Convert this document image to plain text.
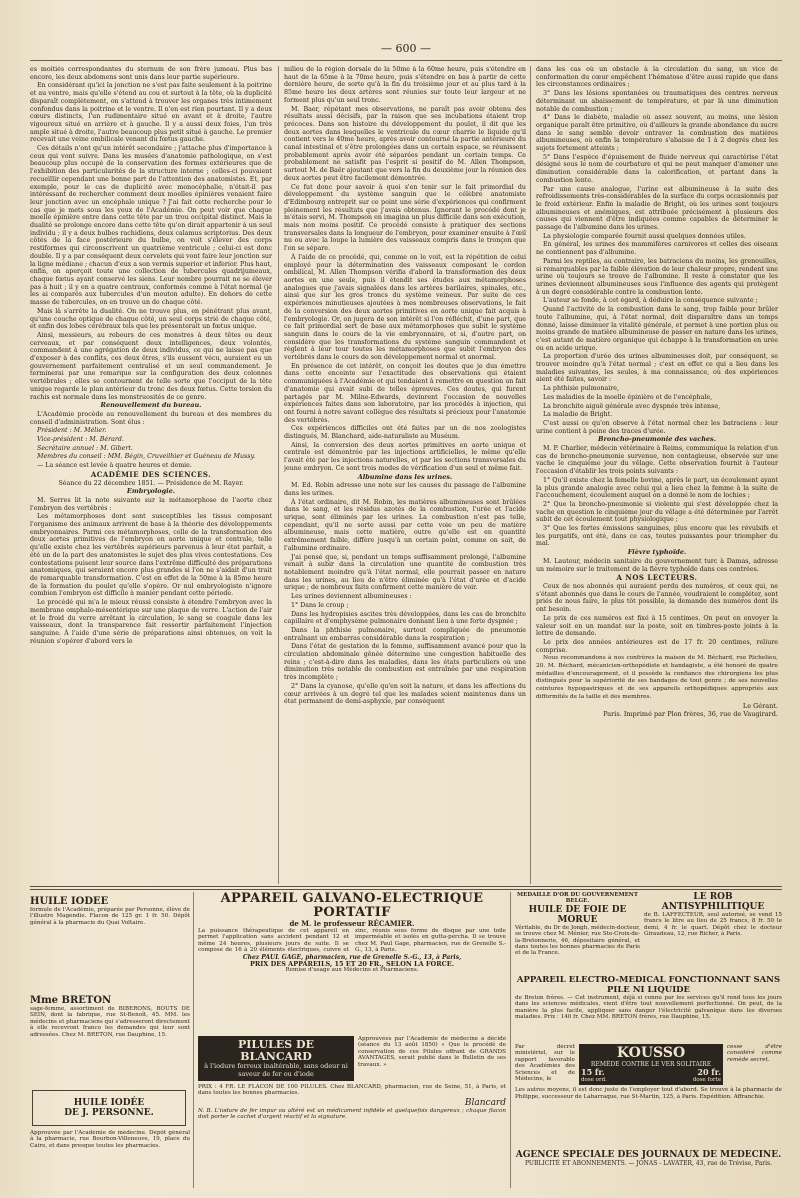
— 600 —

es moitiés correspondantes du sternum de son frère jumeau. Plus bas encore, les deux abdomens sont unis dans leur partie supérieure.

En considérant qu'ici la jonction ne s'est pas faite seulement à la poitrine et au ventre, mais qu'elle s'étend au cou et surtout à la tête, où la duplicité disparaît complètement, on s'attend à trouver les organes très intimement confondus dans la poitrine et le ventre. Il n'en est rien pourtant. Il y a deux cœurs distincts, l'un rudimentaire situé en avant et à droite, l'autre vigoureux situé en arrière et à gauche. Il y a aussi deux foies, l'un très ample situé à droite, l'autre beaucoup plus petit situé à gauche. Le premier recevait une veine ombilicale venant du fœtus gauche.

Ces détails n'ont qu'un intérêt secondaire ; j'attache plus d'importance à ceux qui vont suivre. Dans les musées d'anatomie pathologique, on s'est beaucoup plus occupé de la conservation des formes extérieures que de l'exhibition des particularités de la structure interne ; celles-ci pouvaient recueillir cependant une bonne part de l'attention des anatomistes. Et, par exemple, pour le cas de duplicité avec monocéphalie, n'était-il pas intéressant de rechercher comment deux moelles épinières venaient faire leur jonction avec un encéphale unique ? J'ai fait cette recherche pour le cas que je mets sous les yeux de l'Académie. On peut voir que chaque moelle épinière entre dans cette tête par un trou occipital distinct. Mais la dualité se prolonge encore dans cette tête qu'on dirait appartenir à un seul individu ; il y a deux bulbes rachidiens, deux calamus scriptorius. Des deux côtés de la face postérieure du bulbe, on voit s'élever des corps restiformes qui circonscrivent un quatrième ventricule ; celui-ci est donc double. Il y a par conséquent deux cervelets qui vont faire leur jonction sur la ligne médiane ; chacun d'eux a son vermis superior et inferior. Plus haut, enfin, on aperçoit toute une collection de tubercules quadrijumeaux, chaque fœtus ayant conservé les siens. Leur nombre pourrait ne se élever pas à huit ; il y en a quatre centraux, conformés comme à l'état normal (je les ai comparés aux tubercules d'un mouton adulte). En dehors de cette masse de tubercules, on en trouve un de chaque côté.

Mais là s'arrête la dualité. On ne trouve plus, en pénétrant plus avant, qu'une couche optique de chaque côté, un seul corps strié de chaque côté, et enfin des lobes cérébraux tels que les présenterait un fœtus unique.

Ainsi, messieurs, au rebours de ces monstres à deux têtes ou deux cerveaux, et par conséquent deux intelligences, deux volontés, commandent à une agrégation de deux individus, ce qui ne laisse pas que d'exposer à des conflits, ces deux êtres, s'ils eussent vécu, auraient eu un gouvernement parfaitement centralisé et un seul commandement. Je terminerai par une remarque sur la configuration des deux colonnes vertébrales ; elles se contournent de telle sorte que l'occiput de la tête unique regarde le plan antérieur du tronc des deux fœtus. Cette torsion du rachis est normale dans les monstruosités de ce genre.

Renouvellement du bureau.

L'Académie procède au renouvellement du bureau et des membres du conseil d'administration. Sont élus :

Président : M. Mélier.

Vice-président : M. Bérard.

Secrétaire annuel : M. Gibert.

Membres du conseil : MM. Bégin, Cruveilhier et Guéneau de Mussy.

— La séance est levée à quatre heures et demie.

ACADÉMIE DES SCIENCES.

Séance du 22 décembre 1851. — Présidence de M. Rayer.

Embryologie.

M. Serres lit la note suivante sur la métamorphose de l'aorte chez l'embryon des vertébrés :

Les métamorphoses dont sont susceptibles les tissus composant l'organisme des animaux arrivent de base à la théorie des développements embryonnaires. Parmi ces métamorphoses, celle de la transformation des deux aortes primitives de l'embryon en aorte unique et centrale, telle qu'elle existe chez les vertébrés supérieurs parvenus à leur état parfait, a été un de la part des anatomistes le sujet des plus vives contestations. Ces contestations puisent leur source dans l'extrême difficulté des préparations anatomiques, qui seraient encore plus grandes si l'on ne s'aidait d'un trait de remarquable transformation. C'est en effet de la 50me à la 85me heure de la formation du poulet qu'elle s'opère. Or nul embryologiste n'ignore combien l'embryon est difficile à manier pendant cette période.

Le procédé qui m'a le mieux réussi consiste à étendre l'embryon avec la membrane omphalo-mésentérique sur une plaque de verre. L'action de l'air et le froid du verre arrêtant la circulation, le sang se coagule dans les vaisseaux, dont la transparence fait ressortir parfaitement l'injection sanguine. À l'aide d'une série de préparations ainsi obtenues, on voit la réunion s'opérer d'abord vers le

milieu de la région dorsale de la 50me à la 60me heure, puis s'étendre en haut de la 65me à la 70me heure, puis s'étendre en bas à partir de cette dernière heure, de sorte qu'à la fin du troisième jour et au plus tard à la 85me heure les deux artères sont réunies sur toute leur largeur et ne forment plus qu'un seul tronc.

M. Baer, répétant mes observations, ne paraît pas avoir obtenu des résultats aussi décisifs, par la raison que ses incubations étaient trop précoces. Dans son histoire du développement du poulet, il dit que les deux aortes dans lesquelles le ventricule du cœur charrie le liquide qu'il contient vers le 40me heure, après avoir contourné la partie antérieure du canal intestinal et s'être prolongées dans un certain espace, se réunissent probablement après avoir été séparées pendant un certain temps. Ce probablement ne satisfit pas l'esprit si positif de M. Allen Thompson, surtout M. de Baër ajoutant que vers la fin du deuxième jour la réunion des deux aortes peut être facilement démontrée.

Ce fut donc pour savoir à quoi s'en tenir sur le fait primordial du développement du système sanguin que le célèbre anatomiste d'Edimbourg entreprit sur ce point une série d'expériences qui confirment pleinement les résultats que j'avais obtenus. Ignorant le procédé dont je m'étais servi, M. Thompson en imagina un plus difficile dans son exécution, mais non moins positif. Ce procédé consiste à pratiquer des sections transversales dans la longueur de l'embryon, pour examiner ensuite à l'œil nu ou avec la loupe la lumière des vaisseaux compris dans le tronçon que l'on se sépare.

À l'aide de ce procédé, qui, comme on le voit, est la répétition de celui employé pour la détermination des vaisseaux composant le cordon ombilical, M. Allen Thompson vérifia d'abord la transformation des deux aortes en une seule, puis il étendit ses études aux métamorphoses analogues que j'avais signalées dans les artères barilaires, spinales, etc., ainsi que sur les gros troncs du système veineux. Par suite de ces expériences minutieuses ajoutées à mes nombreuses observations, le fait de la conversion des deux aortes primitives en aorte unique fait acquis à l'embryologie. Or, on jugera de son intérêt si l'on réfléchit, d'une part, que ce fait primordial sert de base aux métamorphoses que subit le système sanguin dans le cours de la vie embryonnaire, et si, d'autre part, on considère que les transformations du système sanguin commandent et règlent à leur tour toutes les métamorphoses que subit l'embryon des vertébrés dans le cours de son développement normal et anormal.

En présence de cet intérêt, on conçoit les doutes que je dus émettre dans cette enceinte sur l'exactitude des observations qui étaient communiquées à l'Académie et qui tendaient à remettre en question un fait d'anatomie qui avait subi de telles épreuves. Ces doutes, qui furent partagés par M. Milne-Edwards, devinrent l'occasion de nouvelles expériences faites dans son laboratoire, par les procédés à injection, qui ont fourni à notre savant collègue des résultats si précieux pour l'anatomie des vertébrés.

Ces expériences difficiles ont été faites par un de nos zoologistes distingués, M. Blanchard, aide-naturaliste au Muséum.

Ainsi, la conversion des deux aortes primitives en aorte unique et centrale est démontrée par les injections artificielles, le même qu'elle l'avait été par les injections naturelles, et par les sections transversales du jeune embryon. Ce sont trois modes de vérification d'un seul et même fait.

Albumine dans les urines.

M. Ed. Robin adresse une note sur les causes du passage de l'albumine dans les urines.

À l'état ordinaire, dit M. Robin, les matières albumineuses sont brûlées dans le sang, et les résidus azotés de la combustion, l'urée et l'acide urique, sont éliminés par les urines. La combustion n'est pas telle, cependant, qu'il ne sorte aussi par cette voie un peu de matière albumineuse, mais cette matière, outre qu'elle est en quantité extrêmement faible, diffère jusqu'à un certain point, comme on sait, de l'albumine ordinaire.

J'ai pensé que, si, pendant un temps suffisamment prolongé, l'albumine venait à subir dans la circulation une quantité de combustion très notablement moindre qu'à l'état normal, elle pourrait passer en nature dans les urines, au lieu de n'être éliminée qu'à l'état d'urée et d'acide urique ; de nombreux faits confirment cette manière de voir.

Les urines deviennent albumineuses :

1° Dans le croup ;

Dans les hydropisies ascites très développées, dans les cas de bronchite capillaire et d'emphysème pulmonaire donnant lieu à une forte dyspnée ;

Dans la phthisie pulmonaire, surtout compliquée de pneumonie entraînant un embarras considérable dans la respiration ;

Dans l'état de gestation de la femme, suffisamment avancé pour que la circulation abdominale gênée détermine une congestion habituelle des reins ; c'est-à-dire dans les maladies, dans les états particuliers où une diminution très notable de combustion est entraînée par une respiration très incomplète ;

2° Dans la cyanose, qu'elle qu'en soit la nature, et dans les affections du cœur arrivées à un degré tel que les malades soient maintenus dans un état permanent de demi-asphyxie, par conséquent

dans les cas où un obstacle à la circulation du sang, un vice de conformation du cœur empêchent l'hématose d'être aussi rapide que dans les circonstances ordinaires ;

3° Dans les lésions spontanées ou traumatiques des centres nerveux déterminant un abaissement de température, et par là une diminution notable de combustion ;

4° Dans le diabète, maladie où assez souvent, au moins, une lésion organique paraît être primitive, où d'ailleurs la grande abondance du sucre dans le sang semble devoir entraver la combustion des matières albumineuses, où enfin la température s'abaisse de 1 à 2 degrés chez les sujets fortement atteints ;

5° Dans l'espèce d'épuisement de fluide nerveux qui caractérise l'état désigné sous le nom de courbature et qui ne peut manquer d'amener une diminution considérable dans la calorification, et partant dans la combustion lente.

Par une cause analogue, l'urine est albumineuse à la suite des refroidissements très-considérables de la surface du corps occasionnés par le froid extérieur. Enfin la maladie de Bright, où les urines sont toujours albumineuses et anémiques, est attribuée précisément à plusieurs des causes qui viennent d'être indiquées comme capables de déterminer le passage de l'albumine dans les urines.

La physiologie comparée fournit aussi quelques données utiles.

En général, les urines des mammifères carnivores et celles des oiseaux ne contiennent pas d'albumine.

Parmi les reptiles, au contraire, les batraciens du moins, les grenouilles, si remarquables par la faible élévation de leur chaleur propre, rendent une urine où toujours se trouve de l'albumine. Il reste à constater que les urines deviennent albumineuses sous l'influence des agents qui protègent à un degré considérable contre la combustion lente.

L'auteur se fonde, à cet égard, à déduire la conséquence suivante ;

Quand l'activité de la combustion dans le sang, trop faible pour brûler toute l'albumine, qui, à l'état normal, doit disparaître dans un temps donné, laisse diminuer la vitalité générale, et permet à une portion plus ou moins grande de matière albumineuse de passer en nature dans les urines, c'est autant de matière organique qui échappe à la transformation en urée ou en acide urique.

La proportion d'urée des urines albumineuses doit, par conséquent, se trouver moindre qu'à l'état normal ; c'est en effet ce qui a lieu dans les maladies suivantes, les seules, à ma connaissance, où des expériences aient été faites, savoir :

La phthisie pulmonaire,

Les maladies de la moelle épinière et de l'encéphale,

La bronchite aiguë générale avec dyspnée très intense,

La maladie de Bright.

C'est aussi ce qu'on observe à l'état normal chez les batraciens : leur urine contient à peine des traces d'urée.

Broncho-pneumonie des vaches.

M. P. Charlier, médecin vétérinaire à Reims, communique la relation d'un cas de broncho-pneumonie survenue, non contagieuse, observée sur une vache le cinquième jour du vêlage. Cette observation fournit à l'auteur l'occasion d'établir les trois points suivants :

1° Qu'il existe chez la femelle bovine, après le part, un écoulement ayant la plus grande analogie avec celui qui a lieu chez la femme à la suite de l'accouchement, écoulement auquel on a donné le nom de lochies ;

2° Que la broncho-pneumonie si violente qui s'est développée chez la vache en question le cinquième jour du vêlage a été déterminée par l'arrêt subit de cet écoulement tout physiologique ;

3° Que les fortes émissions sanguines, plus encore que les révulsifs et les purgatifs, ont été, dans ce cas, toutes puissantes pour triompher du mal.

Fièvre typhoïde.

M. Lautour, médecin sanitaire du gouvernement turc à Damas, adresse un mémoire sur le traitement de la fièvre typhoïde dans ces contrées.

A NOS LECTEURS.

Ceux de nos abonnés qui auraient perdu des numéros, et ceux qui, ne s'étant abonnés que dans le cours de l'année, voudraient le compléter, sont priés de nous faire, le plus tôt possible, la demande des numéros dont ils ont besoin.

Le prix de ces numéros est fixé à 15 centimes. On peut en envoyer la valeur soit en un mandat sur la poste, soit en timbres-poste joints à la lettre de demande.

Le prix des années antérieures est de 17 fr. 20 centimes, reliure comprise.

Nous recommandons à nos confrères la maison de M. Béchard, rue Richelieu, 20. M. Béchard, mécanicien-orthopédiste et bandagiste, a été honoré de quatre médailles d'encouragement, et il possède la confiance des chirurgiens les plus distingués pour la supériorité de ses bandages de tout genre ; de ses nouvelles ceintures hypogastriques et de ses appareils orthopédiques appropriés aux difformités de la taille et des membres.

Le Gérant.

Paris. Imprimé par Plon frères, 36, rue de Vaugirard.

HUILE IODÉE

formule de l'Académie, préparée par Personne, élève de l'illustre Magendie. Flacon de 125 gr. 1 fr. 50. Dépôt général à la pharmacie du Quai Voltaire.

Mme BRETON

sage-femme, assortiment de BIBERONS, BOUTS DE SEIN, dont la fabrique, rue St-Benoît, 45. MM. les médecins et pharmaciens qui s'adresseront directement à elle recevront franco les demandes qui leur sont adressées. Chez M. BRETON, rue Dauphine, 15.

HUILE IODÉE
DE J. PERSONNE.

Approuvée par l'Académie de médecine. Dépôt général à la pharmacie, rue Bourbon-Villeneuve, 19, place du Caire, et dans presque toutes les pharmacies.

APPAREIL GALVANO-ÉLECTRIQUE PORTATIF
de M. le professeur RÉCAMIER.

La puissance thérapeutique de cet appareil en permet l'application sans accident pendant 12 et même 24 heures, plusieurs jours de suite. Il se compose de 16 à 20 éléments électriques, cuivre et zinc, réunis sous forme de disque par une toile imperméable et isolés en gutta-percha. Il se trouve chez M. Paul Gage, pharmacien, rue de Grenelle S.-G., 13, à Paris.

Chez PAUL GAGE, pharmacien, rue de Grenelle S.-G., 13, à Paris,
PRIX DES APPAREILS, 15 ET 20 FR., SELON LA FORCE.
Remise d'usage aux Médecins et Pharmaciens.
PILULES DE BLANCARD
à l'iodure ferreux inaltérable, sans odeur ni saveur de fer ou d'iode

Approuvées par l'Académie de médecine à décidé (séance du 13 août 1850) « Que le procédé de conservation de ces Pilules offrant de GRANDS AVANTAGES, serait publié dans le Bulletin de ses travaux. »

PRIX : 4 FR. LE FLACON DE 100 PILULES. Chez BLANCARD, pharmacien, rue de Seine, 51, à Paris, et dans toutes les bonnes pharmacies.

Blancard

N. B. L'iodure de fer impur ou altéré est un médicament infidèle et quelquefois dangereux ; chaque flacon doit porter le cachet d'argent réactif et la signature.

MÉDAILLE D'OR DU GOUVERNEMENT BELGE.
HUILE DE FOIE DE MORUE

Véritable, du Dr de Jongh, médecin-docteur, se trouve chez M. Ménier, rue Ste-Croix-de-la-Bretonnerie, 46, dépositaire général, et dans toutes les bonnes pharmacies de Paris et de la France.

LE ROB ANTISYPHILITIQUE

de B. LAFFECTEUR, seul autorisé, se vend 15 francs le litre au lieu de 25 francs, 8 fr. 50 le demi, 4 fr. le quart. Dépôt chez le docteur Giraudeau, 12, rue Richer, à Paris.

APPAREIL ÉLECTRO-MÉDICAL FONCTIONNANT SANS PILE NI LIQUIDE

de Breton frères. — Cet instrument, déjà si connu par les services qu'il rend tous les jours dans les sciences médicales, vient d'être tout nouvellement perfectionné. On peut, de la manière la plus facile, appliquer sans danger l'électricité galvanique dans les diverses maladies. Prix : 140 fr. Chez MM. BRETON frères, rue Dauphine, 15.

Par décret ministériel, sur le rapport favorable des Académies des Sciences et de Médecine, le

KOUSSO
REMÈDE CONTRE LE VER SOLITAIRE
15 fr.	20 fr.
dose ord.	dose forte

cesse d'être considéré comme remède secret.

Les autres moyens, il est donc juste de l'employer tout d'abord. Se trouve à la pharmacie de Philippe, successeur de Labarraque, rue St-Martin, 125, à Paris. Expédition. Affranchie.

AGENCE SPÉCIALE DES JOURNAUX DE MÉDECINE.
PUBLICITÉ ET ABONNEMENTS. — JONAS - LAVATER, 43, rue de Trévise, Paris.
